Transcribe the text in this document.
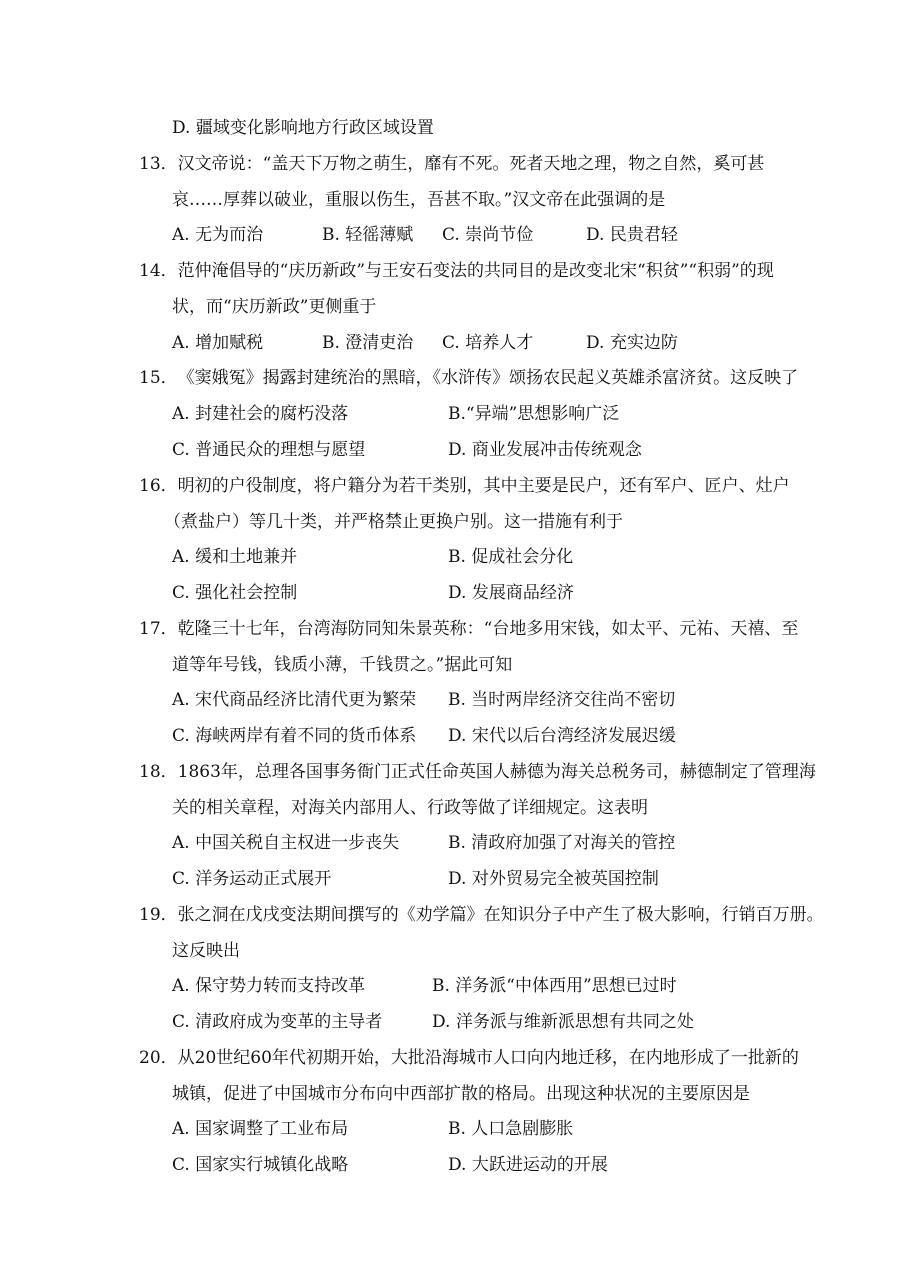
D. 疆域变化影响地方行政区域设置
13．汉文帝说：“盖天下万物之萌生，靡有不死。死者天地之理，物之自然，奚可甚
哀……厚葬以破业，重服以伤生，吾甚不取。”汉文帝在此强调的是
A. 无为而治	B. 轻徭薄赋 C. 崇尚节俭	D. 民贵君轻
14．范仲淹倡导的“庆历新政”与王安石变法的共同目的是改变北宋“积贫”“积弱”的现
状，而“庆历新政”更侧重于
A. 增加赋税	B. 澄清吏治 C. 培养人才	D. 充实边防
15．《窦娥冤》揭露封建统治的黑暗，《水浒传》颂扬农民起义英雄杀富济贫。这反映了
A. 封建社会的腐朽没落	B.“异端”思想影响广泛
C. 普通民众的理想与愿望	D. 商业发展冲击传统观念
16．明初的户役制度，将户籍分为若干类别，其中主要是民户，还有军户、匠户、灶户
（煮盐户）等几十类，并严格禁止更换户别。这一措施有利于
A. 缓和土地兼并	B. 促成社会分化
C. 强化社会控制	D. 发展商品经济
17．乾隆三十七年，台湾海防同知朱景英称：“台地多用宋钱，如太平、元祐、天禧、至
道等年号钱，钱质小薄，千钱贯之。”据此可知
A. 宋代商品经济比清代更为繁荣 B. 当时两岸经济交往尚不密切
C. 海峡两岸有着不同的货币体系 D. 宋代以后台湾经济发展迟缓
18．1863年，总理各国事务衙门正式任命英国人赫德为海关总税务司，赫德制定了管理海
关的相关章程，对海关内部用人、行政等做了详细规定。这表明
A. 中国关税自主权进一步丧失	B. 清政府加强了对海关的管控
C. 洋务运动正式展开	D. 对外贸易完全被英国控制
19．张之洞在戊戌变法期间撰写的《劝学篇》在知识分子中产生了极大影响，行销百万册。
这反映出
A. 保守势力转而支持改革	B. 洋务派“中体西用”思想已过时
C. 清政府成为变革的主导者	D. 洋务派与维新派思想有共同之处
20．从20世纪60年代初期开始，大批沿海城市人口向内地迁移，在内地形成了一批新的
城镇，促进了中国城市分布向中西部扩散的格局。出现这种状况的主要原因是
A. 国家调整了工业布局	B. 人口急剧膨胀
C. 国家实行城镇化战略	D. 大跃进运动的开展
